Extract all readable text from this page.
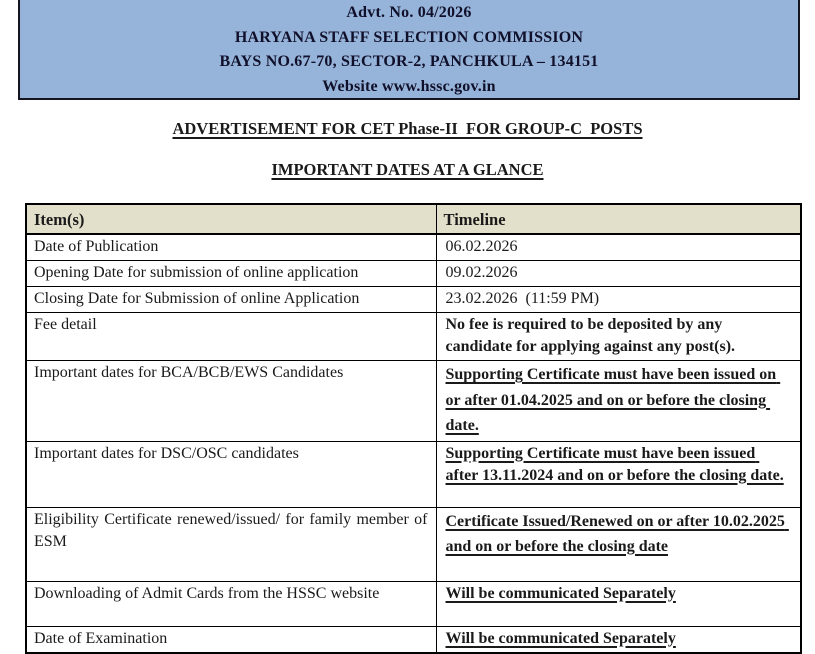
Advt. No. 04/2026
HARYANA STAFF SELECTION COMMISSION
BAYS NO.67-70, SECTOR-2, PANCHKULA – 134151
Website www.hssc.gov.in
ADVERTISEMENT FOR CET Phase-II  FOR GROUP-C  POSTS
IMPORTANT DATES AT A GLANCE
Item(s)	Timeline
Date of Publication	06.02.2026
Opening Date for submission of online application	09.02.2026
Closing Date for Submission of online Application	23.02.2026  (11:59 PM)
Fee detail	No fee is required to be deposited by any candidate for applying against any post(s).
Important dates for BCA/BCB/EWS Candidates	Supporting Certificate must have been issued on or after 01.04.2025 and on or before the closing date.
Important dates for DSC/OSC candidates	Supporting Certificate must have been issued after 13.11.2024 and on or before the closing date.
Eligibility Certificate renewed/issued/ for family member of ESM	Certificate Issued/Renewed on or after 10.02.2025 and on or before the closing date
Downloading of Admit Cards from the HSSC website	Will be communicated Separately
Date of Examination	Will be communicated Separately
